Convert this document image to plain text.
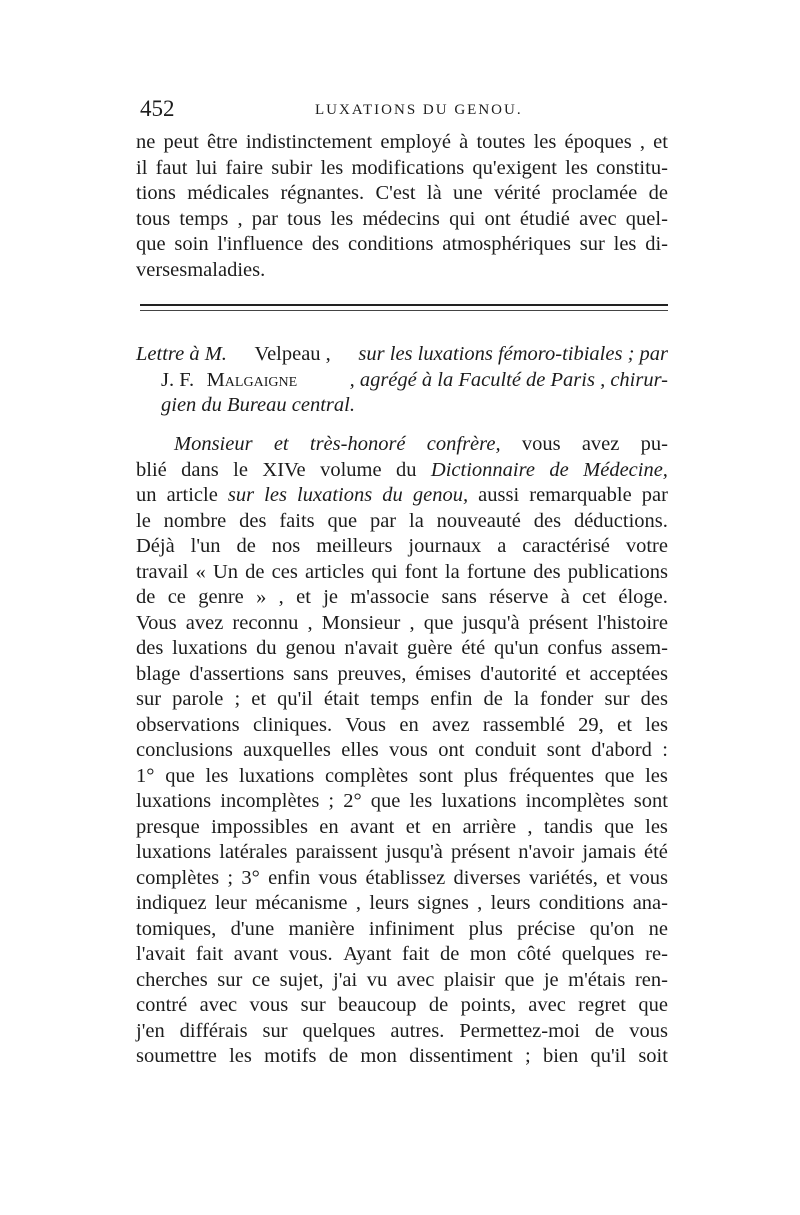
452	LUXATIONS DU GENOU.
ne peut être indistinctement employé à toutes les époques , et
il faut lui faire subir les modifications qu'exigent les constitu-
tions médicales régnantes. C'est là une vérité proclamée de
tous temps , par tous les médecins qui ont étudié avec quel-
que soin l'influence des conditions atmosphériques sur les di-
verses maladies.
Lettre à M. Velpeau , sur les luxations fémoro-tibiales ; par
J. F. Malgaigne	, agrégé à la Faculté de Paris , chirur-
gien du Bureau central.
Monsieur et très-honoré confrère, vous avez pu-
blié dans le XIVe volume du Dictionnaire de Médecine,
un article sur les luxations du genou, aussi remarquable par
le nombre des faits que par la nouveauté des déductions.
Déjà l'un de nos meilleurs journaux a caractérisé votre
travail « Un de ces articles qui font la fortune des publications
de ce genre » , et je m'associe sans réserve à cet éloge.
Vous avez reconnu , Monsieur , que jusqu'à présent l'histoire
des luxations du genou n'avait guère été qu'un confus assem-
blage d'assertions sans preuves, émises d'autorité et acceptées
sur parole ; et qu'il était temps enfin de la fonder sur des
observations cliniques. Vous en avez rassemblé 29, et les
conclusions auxquelles elles vous ont conduit sont d'abord :
1° que les luxations complètes sont plus fréquentes que les
luxations incomplètes ; 2° que les luxations incomplètes sont
presque impossibles en avant et en arrière , tandis que les
luxations latérales paraissent jusqu'à présent n'avoir jamais été
complètes ; 3° enfin vous établissez diverses variétés, et vous
indiquez leur mécanisme , leurs signes , leurs conditions ana-
tomiques, d'une manière infiniment plus précise qu'on ne
l'avait fait avant vous. Ayant fait de mon côté quelques re-
cherches sur ce sujet, j'ai vu avec plaisir que je m'étais ren-
contré avec vous sur beaucoup de points, avec regret que
j'en différais sur quelques autres. Permettez-moi de vous
soumettre les motifs de mon dissentiment ; bien qu'il soit
